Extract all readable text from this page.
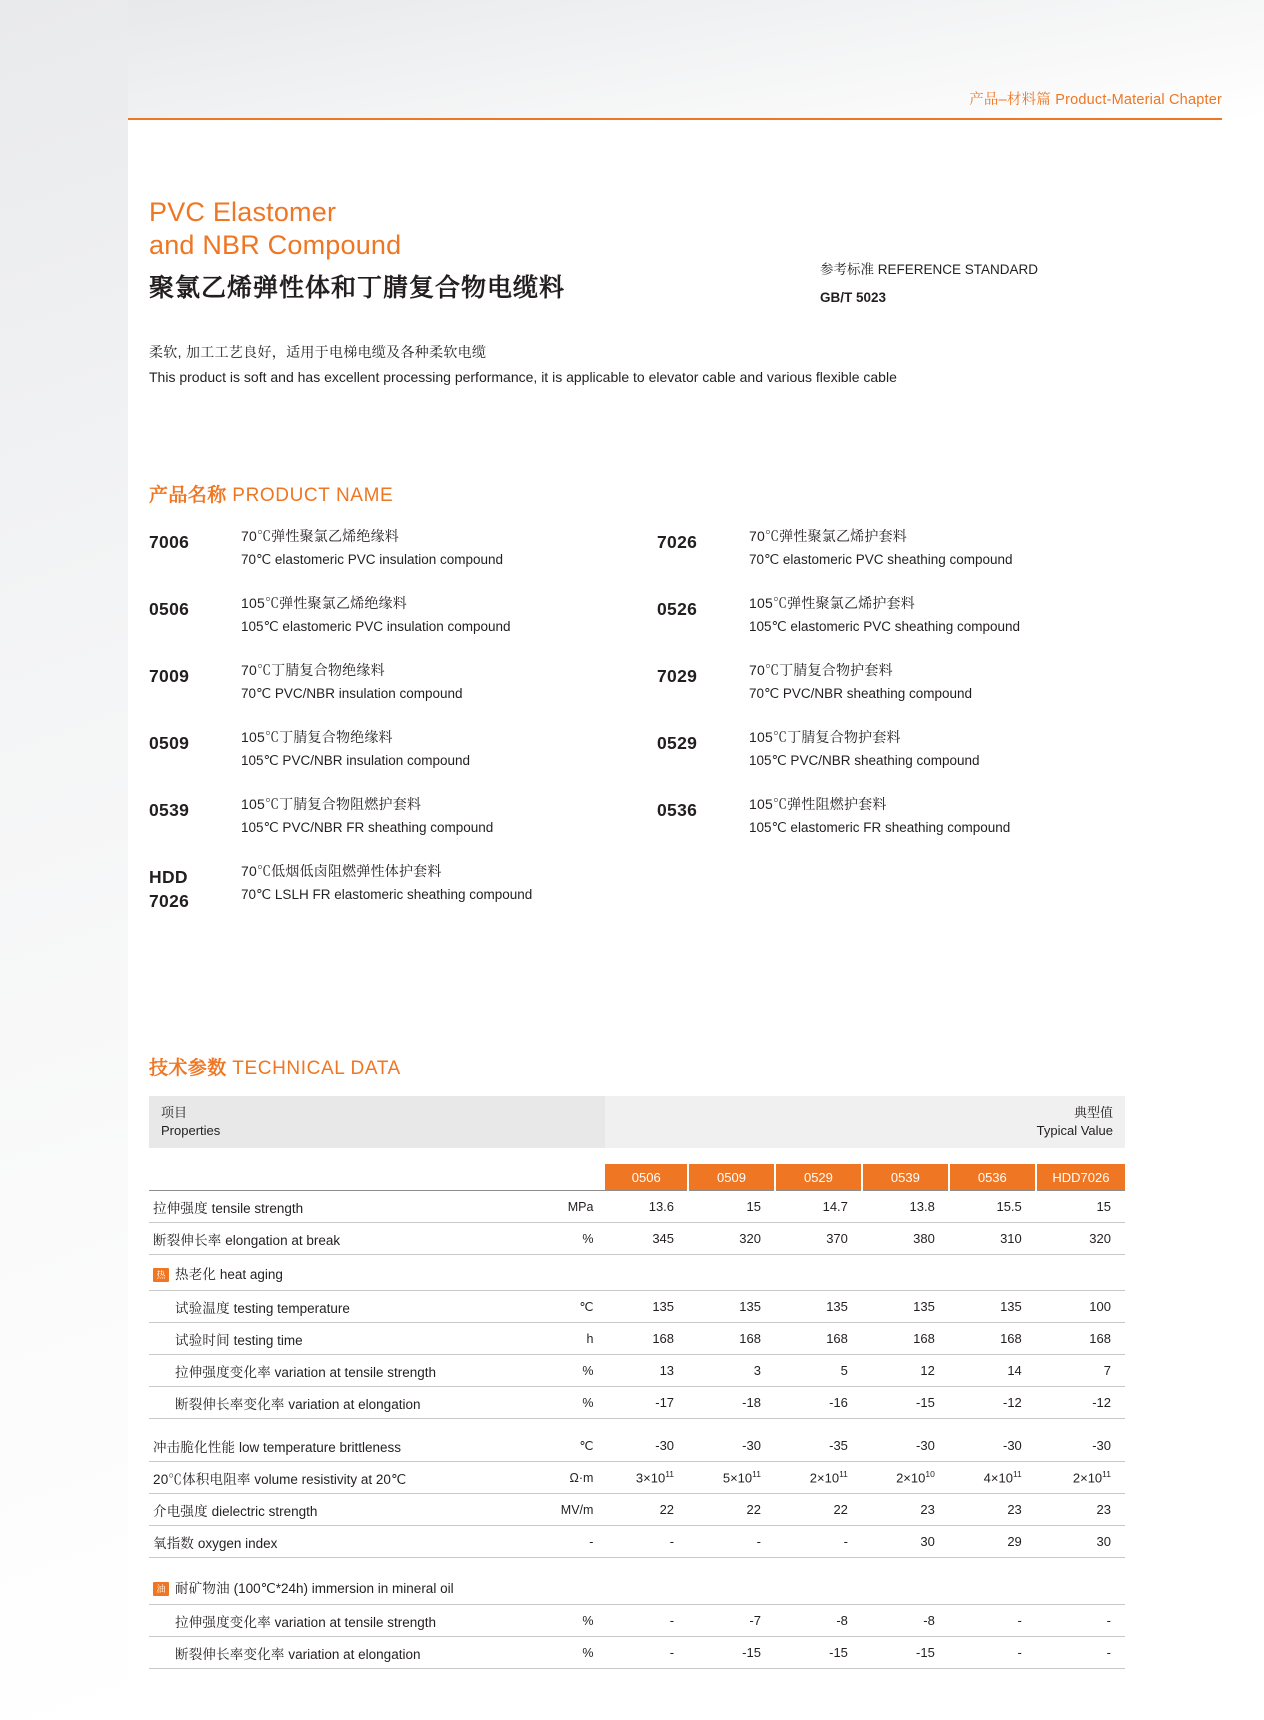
产品–材料篇 Product-Material Chapter
PVC Elastomer
and NBR Compound
聚氯乙烯弹性体和丁腈复合物电缆料
参考标准 REFERENCE STANDARD
GB/T 5023
柔软, 加工工艺良好，适用于电梯电缆及各种柔软电缆
This product is soft and has excellent processing performance, it is applicable to elevator cable and various flexible cable
产品名称 PRODUCT NAME
7006	70℃弹性聚氯乙烯绝缘料
70℃ elastomeric PVC insulation compound
0506	105℃弹性聚氯乙烯绝缘料
105℃ elastomeric PVC insulation compound
7009	70℃丁腈复合物绝缘料
70℃ PVC/NBR insulation compound
0509	105℃丁腈复合物绝缘料
105℃ PVC/NBR insulation compound
0539	105℃丁腈复合物阻燃护套料
105℃ PVC/NBR FR sheathing compound
HDD
7026
70℃低烟低卤阻燃弹性体护套料
70℃ LSLH FR elastomeric sheathing compound
7026	70℃弹性聚氯乙烯护套料
70℃ elastomeric PVC sheathing compound
0526	105℃弹性聚氯乙烯护套料
105℃ elastomeric PVC sheathing compound
7029	70℃丁腈复合物护套料
70℃ PVC/NBR sheathing compound
0529	105℃丁腈复合物护套料
105℃ PVC/NBR sheathing compound
0536	105℃弹性阻燃护套料
105℃ elastomeric FR sheathing compound
技术参数 TECHNICAL DATA
项目
Properties

典型值
Typical Value

		0506	0509	0529	0539	0536	HDD7026
拉伸强度 tensile strength	MPa	13.6	15	14.7	13.8	15.5	15
断裂伸长率 elongation at break	%	345	320	370	380	310	320
热 热老化 heat aging							
试验温度 testing temperature	℃	135	135	135	135	135	100
试验时间 testing time	h	168	168	168	168	168	168
拉伸强度变化率 variation at tensile strength	%	13	3	5	12	14	7
断裂伸长率变化率 variation at elongation	%	-17	-18	-16	-15	-12	-12

冲击脆化性能 low temperature brittleness	℃	-30	-30	-35	-30	-30	-30
20℃体积电阻率 volume resistivity at 20℃	Ω·m	$3\times 10^{11}$	$5\times 10^{11}$	$2\times 10^{11}$	$2\times 10^{10}$	$4\times 10^{11}$	$2\times 10^{11}$
介电强度 dielectric strength	MV/m	22	22	22	23	23	23
氧指数 oxygen index	-	-	-	-	30	29	30

油 耐矿物油 (100℃*24h) immersion in mineral oil							
拉伸强度变化率 variation at tensile strength	%	-	-7	-8	-8	-	-
断裂伸长率变化率 variation at elongation	%	-	-15	-15	-15	-	-
